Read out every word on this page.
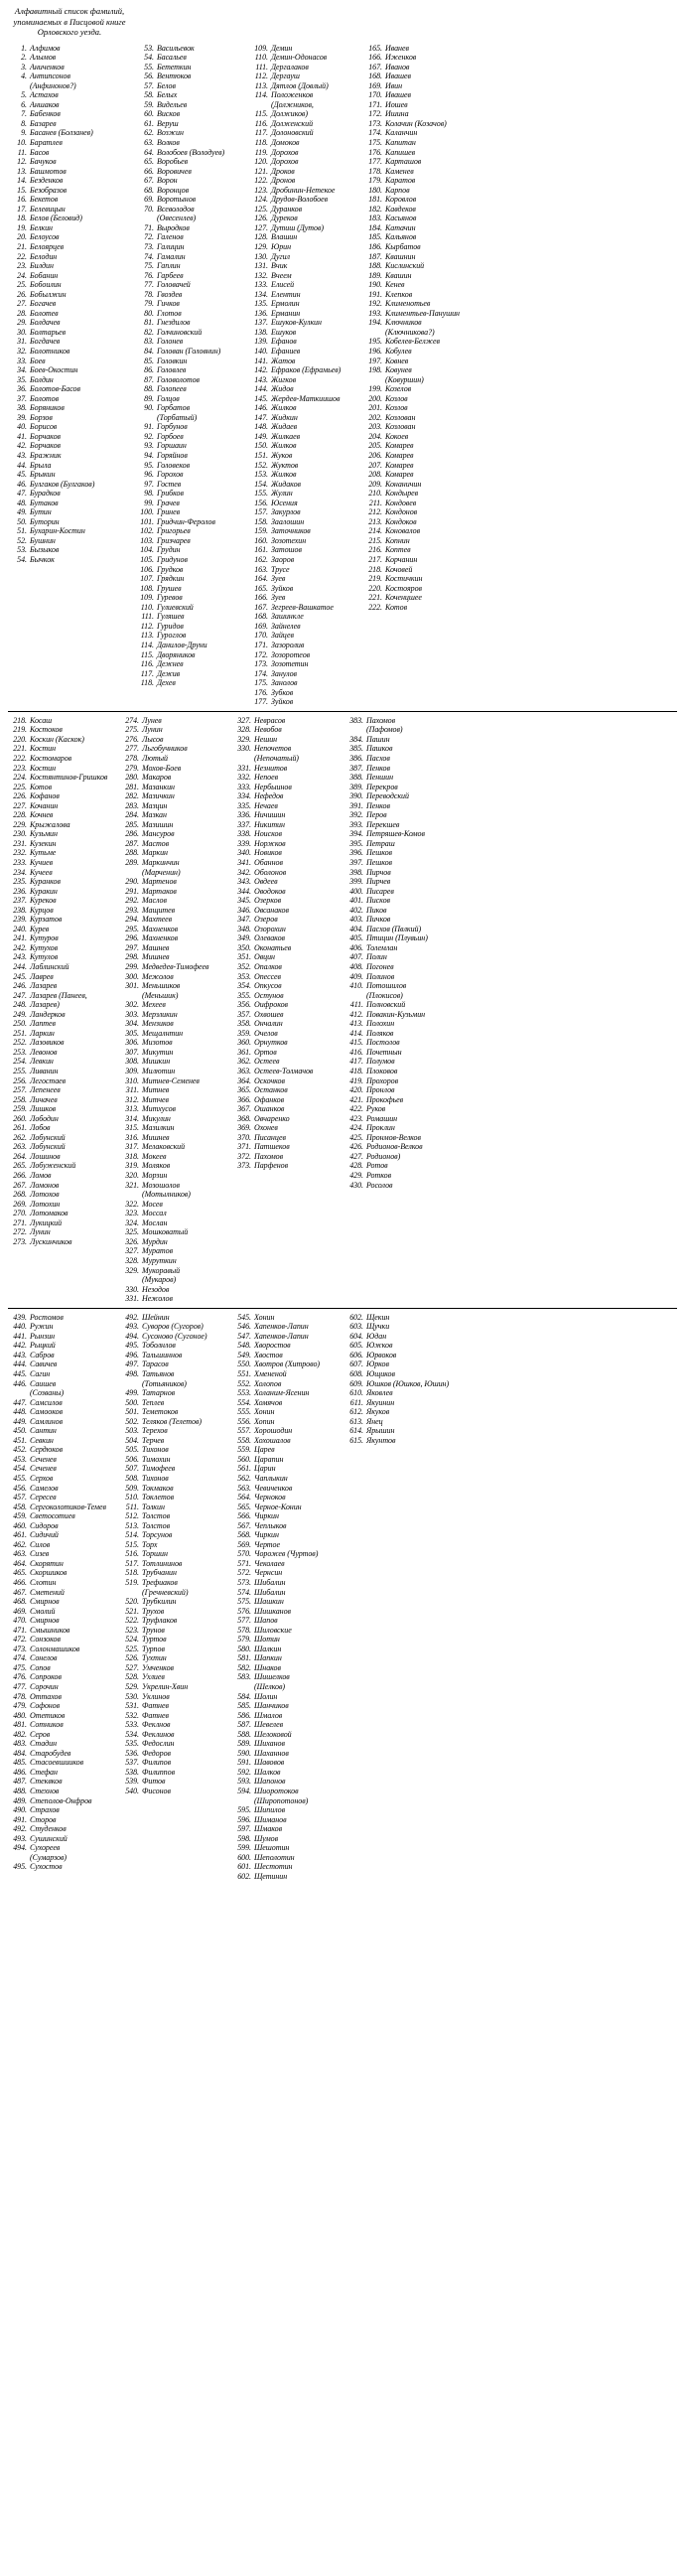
Алфавитный список фамилий, упоминаемых в Писцовой книге Орловского уезда.
1. Алфимов
2. Алымов
3. Аниченков
4. Антипсонов
(Анфинонов?)
5. Астахов
6. Аншаков
7. Бабенков
8. Базарев
9. Басанев (Болзанев)
10. Баратлев
11. Басов
12. Бачуков
13. Башмотов
14. Безденков
15. Безобразов
16. Бекетов
17. Белевицын
18. Белов (Беловид)
19. Белкин
20. Белоусов
21. Белоярцев
22. Белодин
23. Билдин
24. Бобанин
25. Бобоилин
26. Бобылжин
27. Богачев
28. Болотев
29. Болдачев
30. Болтарьев
31. Богдачев
32. Болотников
33. Боев
34. Боев-Окостин
35. Болдин
36. Болотов-Басов
37. Болотов
38. Боряников
39. Борзов
40. Борисов
41. Борчаков
42. Борчаков
43. Бражник
44. Брыла
45. Брыкин
46. Булгаков (Булгаков)
47. Бурадков
48. Бутаков
49. Бутин
50. Буторин
51. Бухарин-Костин
52. Бушнин
53. Бызыков
54. Бычкок
53. Васильевок
54. Басальев
55. Бететкин
56. Вентюков
57. Белов
58. Белых
59. Видельев
60. Висков
61. Веруш
62. Возжин
63. Волков
64. Волобоев (Володуев)
65. Воробьев
66. Воровичев
67. Ворон
68. Воронцов
69. Воротынов
70. Всеволодов
(Овесенлев)
71. Выродков
72. Галенов
73. Галицин
74. Гамалин
75. Гаплин
76. Гарбеев
77. Головачей
78. Гвоздев
79. Гичков
80. Глотов
81. Гнездилов
82. Голчиновский
83. Голонев
84. Голован (Головнин)
85. Головкин
86. Головлев
87. Головолотов
88. Голопеев
89. Голцов
90. Горбатов
(Торбатый)
91. Горбунов
92. Горбоев
93. Горшаин
94. Горяйнов
95. Головеков
96. Горохов
97. Гостев
98. Грибков
99. Грачев
100. Гринев
101. Гридчин-Феролов
102. Григорьев
103. Гризчарев
104. Грудин
105. Гридунов
106. Грудков
107. Грядкин
108. Грушев
109. Гуревов
110. Гулиевский
111. Гуляшев
112. Гуридов
113. Гуроглов
114. Данилов-Друни
115. Дворяников
116. Дежнев
117. Дежив
118. Дехев
109. Демин
110. Демин-Одонасов
111. Дергалаков
112. Дергауш
113. Дятлов (Довлый)
114. Положенков
(Должников,
115. Должиков)
116. Долженский
117. Долоновский
118. Домоков
119. Дорохов
120. Дорохов
121. Дроков
122. Дронов
123. Дробинин-Нетекое
124. Друдов-Волобоев
125. Дуранков
126. Дуреков
127. Дутиш (Дутов)
128. Влашин
129. Юрин
130. Дугил
131. Вчик
132. Вчеем
133. Елисей
134. Елентин
135. Ермолин
136. Ерманин
137. Ешуков-Кулкин
138. Ешуков
139. Ефанов
140. Ефаниев
141. Жатов
142. Ефраков (Ефрамьев)
143. Жигков
144. Жидов
145. Жердев-Маткиишов
146. Жилков
147. Жидкин
148. Жидаев
149. Жилкаев
150. Жилков
151. Жуков
152. Жуктов
153. Жилков
154. Жидаков
155. Жулин
156. Юсения
157. Закурлов
158. Заалошин
159. Заточников
160. Зозотехин
161. Затошов
162. Заоров
163. Трусе
164. Зуев
165. Зуйков
166. Зуев
167. Зегреев-Вашкатое
168. Зашинкле
169. Зайнелев
170. Зайцев
171. Зазоролив
172. Зозоротеов
173. Зозотетин
174. Занулов
175. Занолов
176. Зубков
177. Зуйков
165. Иванев
166. Иженков
167. Иванов
168. Ивашев
169. Ивин
170. Ивашев
171. Иошев
172. Ишина
173. Колачин (Козачов)
174. Каланчин
175. Капитан
176. Капишев
177. Карташов
178. Каменев
179. Каратов
180. Карпов
181. Коровлов
182. Кавдеков
183. Касьянов
184. Катачин
185. Кальянов
186. Кырбатов
187. Квашнин
188. Кислинский
189. Квашин
190. Кенев
191. Клепков
192. Клименотьев
193. Климентьев-Панушин
194. Ключников
(Ключникова?)
195. Кобелев-Белжев
196. Кобулев
197. Ковнев
198. Ковунев
(Ковуршин)
199. Козелов
200. Козлов
201. Козлов
202. Козлован
203. Козлован
204. Кокоев
205. Комарев
206. Комарев
207. Комарев
208. Комарев
209. Конаничин
210. Кондырев
211. Кондовев
212. Кондонов
213. Кондоков
214. Коновалов
215. Копнин
216. Коптев
217. Корчанин
218. Кочовей
219. Костичкин
220. Костояров
221. Коченцшее
222. Котов
218. Косаш
219. Костоков
220. Коскин (Каскок)
221. Костин
222. Костомаров
223. Костин
224. Костянтинов-Гришков
225. Котов
226. Кофанов
227. Кочанин
228. Кочнев
229. Крыжалова
230. Кузьмин
231. Кузекин
232. Кутьме
233. Кучиев
234. Кучеев
235. Куранков
236. Куракин
237. Куреков
238. Курцов
239. Курзатов
240. Курев
241. Кутуров
242. Кутухов
243. Кутулов
244. Лаблинский
245. Лаврев
246. Лазарев
247. Лазарев (Панеев,
248. Лазарев)
249. Ландерков
250. Лаптев
251. Ларкин
252. Лазовиков
253. Левонов
254. Левкин
255. Ливанин
256. Легостаев
257. Лепенеев
258. Личачев
259. Лишков
260. Лободин
261. Лобов
262. Лобунский
263. Лобунский
264. Лошинов
265. Лобуженский
266. Ломов
267. Ломонов
268. Лотохов
269. Лотохин
270. Лотомаков
271. Лукицкий
272. Лунин
273. Лускинчиков
274. Лунев
275. Лунин
276. Лысов
277. Льгобучников
278. Лютый
279. Мохов-Боев
280. Макаров
281. Мазанкин
282. Мазичкин
283. Мазцин
284. Мазкан
285. Мазишин
286. Мансуров
287. Мастов
288. Маркин
289. Маркинчин
(Марченин)
290. Мартенов
291. Мартаков
292. Маслов
293. Мащитев
294. Махтеев
295. Махненков
296. Махненков
297. Машнев
298. Мишнев
299. Медведев-Тимофеев
300. Межолов
301. Меньшиков
(Меньшик)
302. Мехеев
303. Мерзликин
304. Мензиков
305. Мещалнтин
306. Мизотов
307. Микутин
308. Мишкин
309. Милютин
310. Митнев-Семенев
311. Митнев
312. Митчев
313. Митхусов
314. Микулин
315. Мазилкин
316. Мишнев
317. Мелаковский
318. Мокеев
319. Моляков
320. Морзин
321. Мозошолов
(Мотылников)
322. Мосев
323. Моссал
324. Мослан
325. Мошковатый
326. Мурдин
327. Муратов
328. Муруткин
329. Мукоравый
(Мукаров)
330. Незодов
331. Нежолов
327. Неврасов
328. Невобов
329. Нешин
330. Непочетов
(Непочатый)
331. Незнитов
332. Непоев
333. Нербыинов
334. Нефедов
335. Нечаев
336. Ничишин
337. Никитин
338. Ноисков
339. Норжков
340. Новиков
341. Обаннов
342. Оболонов
343. Овдеев
344. Оводоков
345. Озерков
346. Овсанаков
347. Озеров
348. Озорохин
349. Олеваков
350. Оконатьев
351. Овцин
352. Опалков
353. Опессев
354. Опкусов
355. Остунов
356. Оифроков
357. Охвошев
358. Ончалин
359. Очелов
360. Орнутков
361. Ортов
362. Остеев
363. Остеев-Толмачов
364. Оскочков
365. Останков
366. Офанков
367. Ошанков
368. Овчаренко
369. Охонев
370. Писанцев
371. Патшеков
372. Пахомов
373. Парфенов
383. Пахомов
(Пафомов)
384. Пашин
385. Пашков
386. Пасхов
387. Пенков
388. Пеншин
389. Перекров
390. Переводский
391. Пенков
392. Перов
393. Перекшев
394. Петряшев-Комов
395. Петраш
396. Пешков
397. Пешков
398. Пирчов
399. Пирчев
400. Писарев
401. Писков
402. Пиков
403. Пичков
404. Пасхов (Пвлкий)
405. Птицин (Плувьин)
406. Толемлан
407. Полин
408. Погонев
409. Полинов
410. Потошилов
(Плокисов)
411. Полновский
412. Повакин-Кузьмин
413. Полохин
414. Поляков
415. Постолов
416. Почетнын
417. Полумов
418. Плоковов
419. Прохоров
420. Пронлов
421. Прокофьев
422. Руков
423. Ромашин
424. Проклин
425. Пронмов-Велков
426. Родионов-Велков
427. Родионов)
428. Ротов
429. Ротков
430. Росолов
439. Ростомов
440. Ружин
441. Рынзин
442. Рыцкий
443. Сабров
444. Савичев
445. Сагин
446. Саишев
(Созваны)
447. Самсилов
448. Самооков
449. Самлинов
450. Сантин
451. Севкин
452. Сердюков
453. Сеченев
454. Сеченев
455. Серхов
456. Самелов
457. Сересев
458. Сергоколотиков-Темев
459. Светосотиев
460. Сидоров
461. Сидичий
462. Силов
463. Сизев
464. Скорятин
465. Скоршиков
466. Слотин
467. Сметений
468. Смирнов
469. Смолий
470. Смирнов
471. Смышников
472. Сонзоков
473. Солонмашиков
474. Сонелов
475. Сопов
476. Сопроков
477. Сорочин
478. Оттахов
479. Софонов
480. Отетиков
481. Сотников
482. Серов
483. Стадин
484. Старобудев
485. Стасоевшииков
486. Стефан
487. Стеквков
488. Стехнов
489. Степолов-Онфров
490. Страхов
491. Сторов
492. Студенков
493. Сушинский
494. Сухореев
(Сумарзов)
495. Сухостов
492. Шейнин
493. Суворов (Сугоров)
494. Сусоново (Сугоное)
495. Тоболнлов
496. Тальшиннов
497. Тарасов
498. Татьянов
(Тотьяников)
499. Татарнов
500. Теплев
501. Теметоков
502. Теляков (Телетов)
503. Терехов
504. Терчев
505. Тихонов
506. Тимохин
507. Тимофеев
508. Тихонов
509. Токмаков
510. Токлетов
511. Толкин
512. Толстов
513. Толстов
514. Торсунов
515. Торх
516. Торшин
517. Тотлининов
518. Трубчанин
519. Трефиаков
(Гречневский)
520. Трубкилин
521. Трухов
522. Труфлаков
523. Трунов
524. Туртов
525. Турпов
526. Тухтин
527. Умченков
528. Ухлиев
529. Укрелин-Хвин
530. Уклинов
531. Фатнев
532. Фатнев
533. Феклнов
534. Феклинов
535. Федослин
536. Федоров
537. Филипов
538. Филиппов
539. Фитов
540. Фисонов
545. Хонин
546. Хапенков-Лапин
547. Хапенков-Лапин
548. Хворостов
549. Хвостов
550. Хвотров (Хитрово)
551. Хмененой
552. Холопов
553. Холаним-Ясенин
554. Хомячов
555. Хонин
556. Хопин
557. Хорошодин
558. Хохошалов
559. Царев
560. Царапин
561. Царин
562. Чаплыкин
563. Чевиченков
564. Черноков
565. Черное-Конин
566. Чиркин
567. Чеплыков
568. Чиркин
569. Чертое
570. Чорожев (Чуртов)
571. Чеколаев
572. Чернсин
573. Шибалин
574. Шибалин
575. Шашкин
576. Шишканов
577. Шапов
578. Шиловские
579. Шотин
580. Шалкин
581. Шапкин
582. Шнаков
583. Шишелков
(Шелков)
584. Шолин
585. Шанчиков
586. Шмалов
587. Шевелев
588. Шелоковой
589. Шиханов
590. Шаханнов
591. Шавовов
592. Шалков
593. Шапонов
594. Шиоротоков
(Широпотонов)
595. Шипилов
596. Шиманов
597. Шмаков
598. Шумов
599. Шешотин
600. Шеполотин
601. Шестотин
602. Щетинин
602. Щекин
603. Щучки
604. Юдан
605. Южков
606. Юрвоков
607. Юрков
608. Ющиков
609. Юшков (Юшков, Юшин)
610. Яковлев
611. Якуинин
612. Якуков
613. Янец
614. Ярышин
615. Якунтов
